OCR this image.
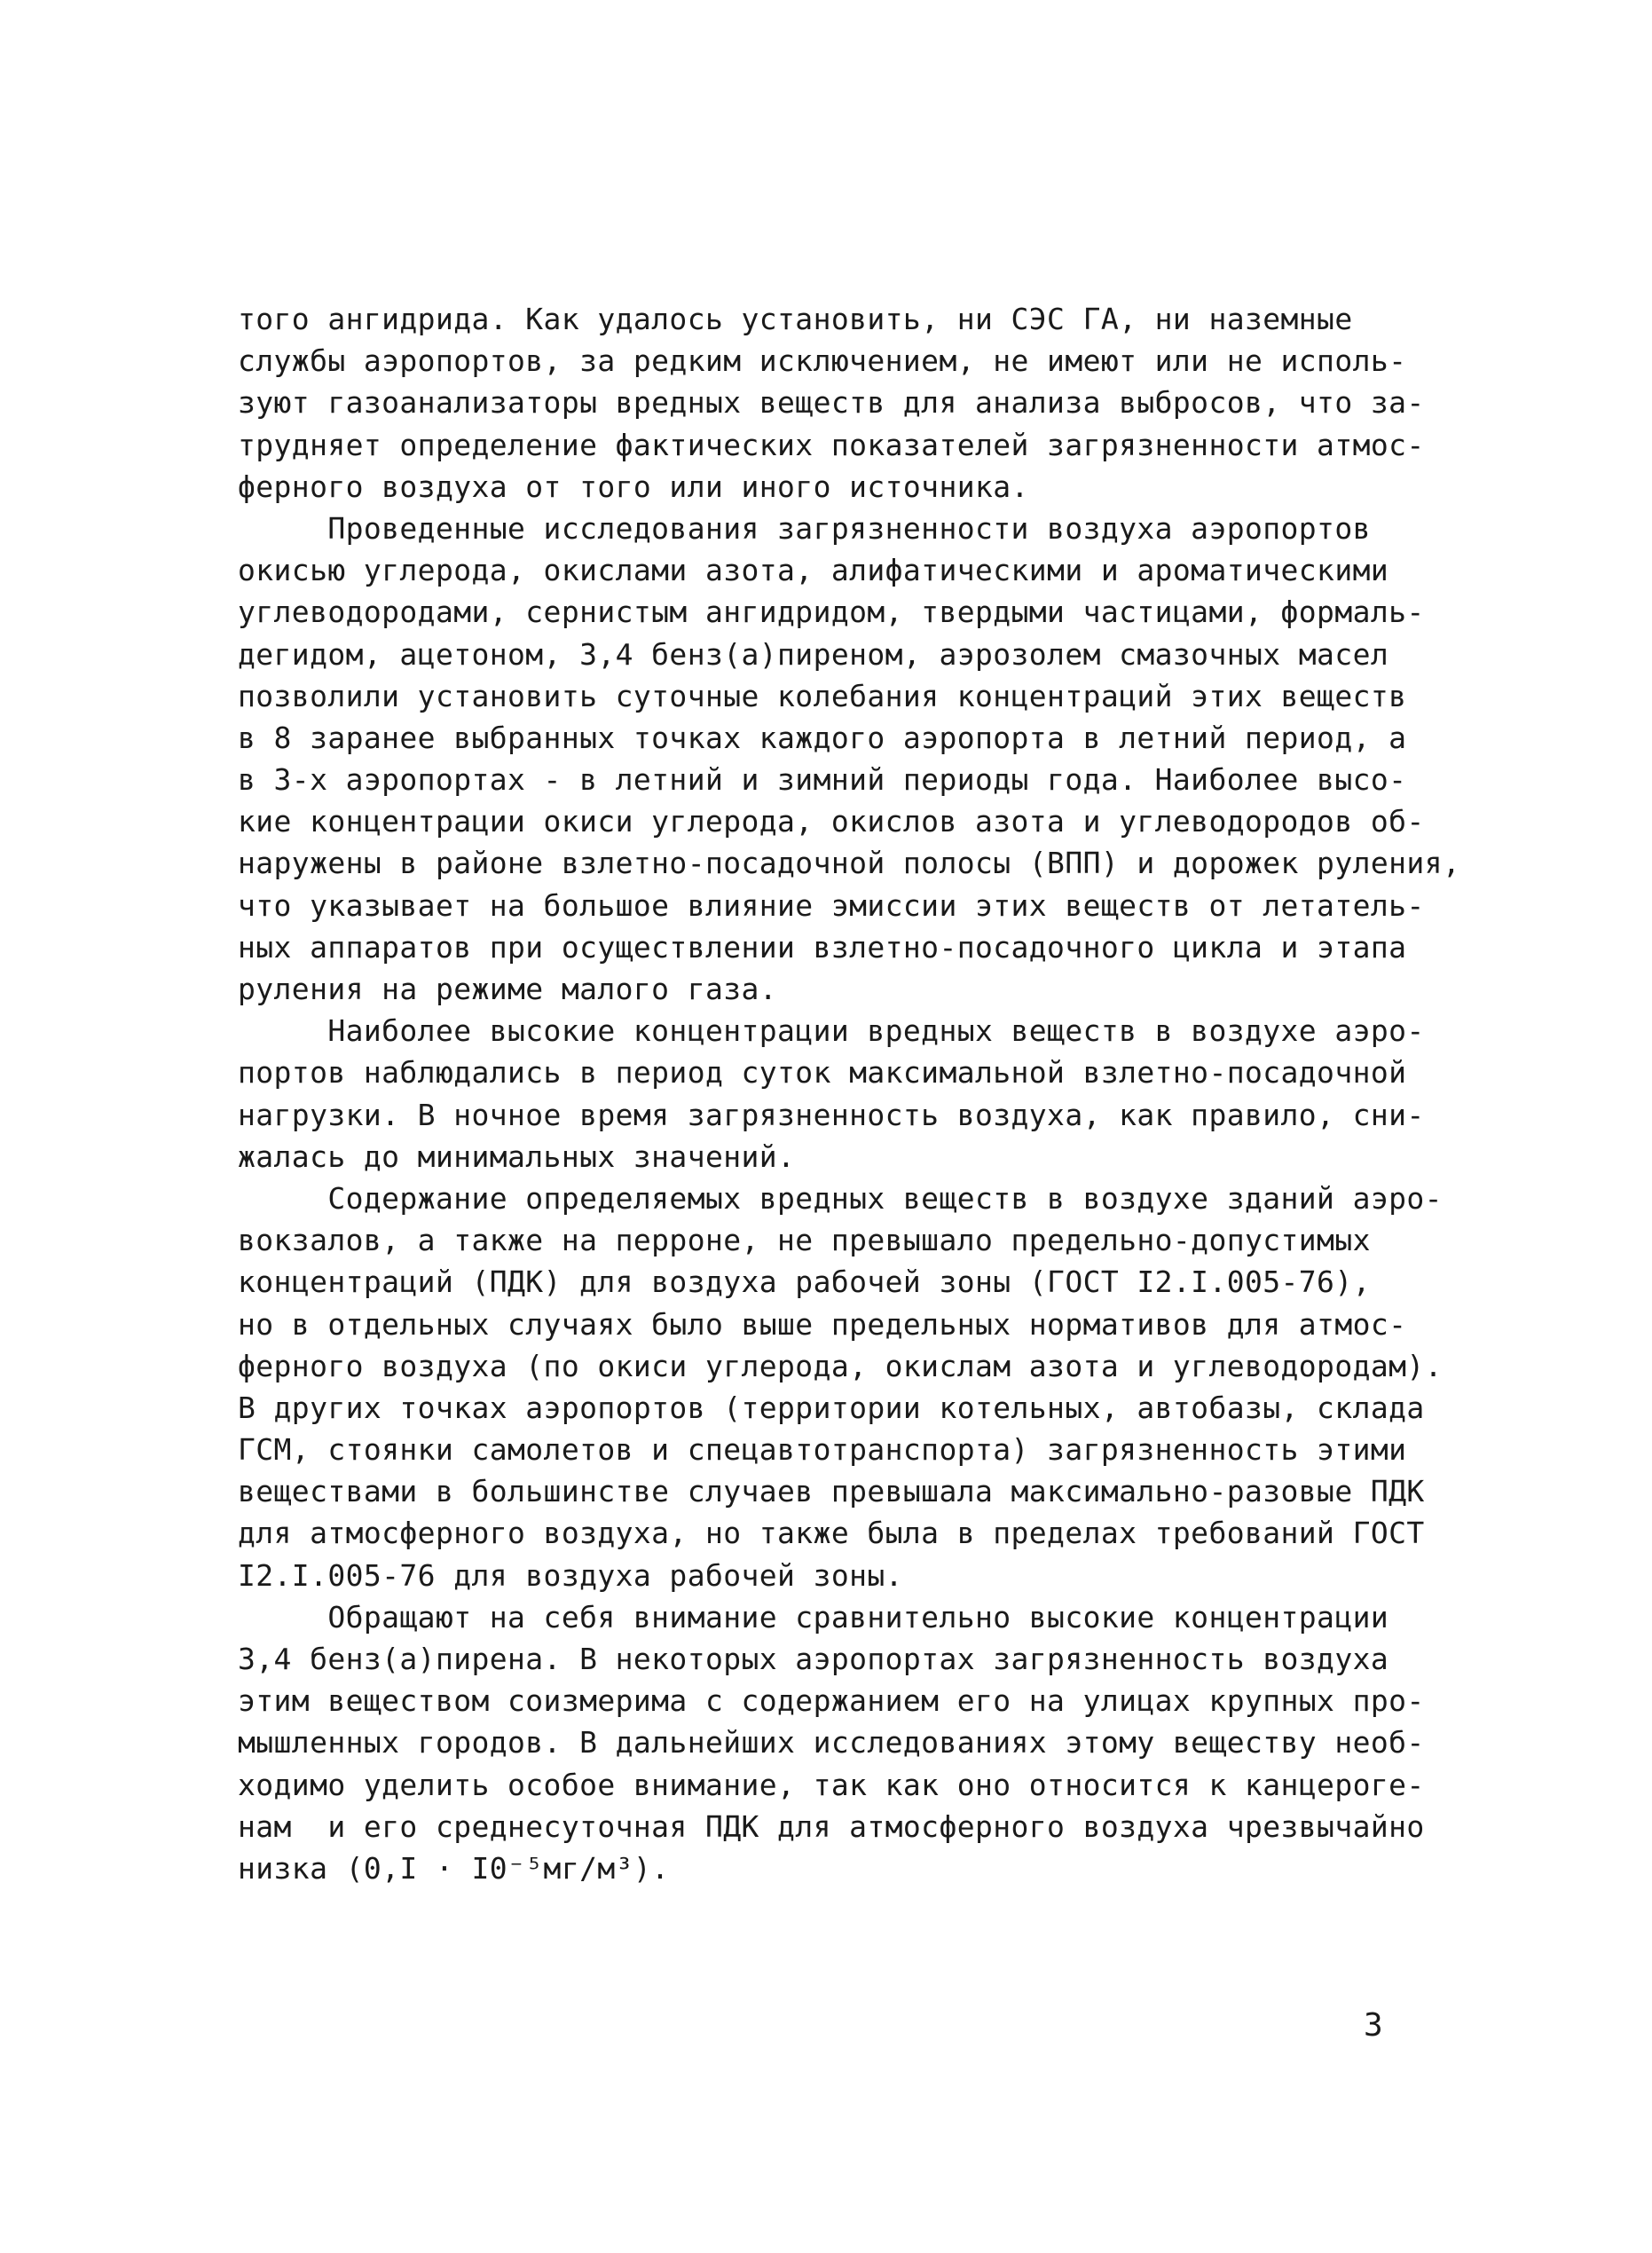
того ангидрида. Как удалось установить, ни СЭС ГА, ни наземные
службы аэропортов, за редким исключением, не имеют или не исполь-
зуют газоанализаторы вредных веществ для анализа выбросов, что за-
трудняет определение фактических показателей загрязненности атмос-
ферного воздуха от того или иного источника.
Проведенные исследования загрязненности воздуха аэропортов
окисью углерода, окислами азота, алифатическими и ароматическими
углеводородами, сернистым ангидридом, твердыми частицами, формаль-
дегидом, ацетоном, 3,4 бенз(а)пиреном, аэрозолем смазочных масел
позволили установить суточные колебания концентраций этих веществ
в 8 заранее выбранных точках каждого аэропорта в летний период, а
в 3-х аэропортах - в летний и зимний периоды года. Наиболее высо-
кие концентрации окиси углерода, окислов азота и углеводородов об-
наружены в районе взлетно-посадочной полосы (ВПП) и дорожек руления,
что указывает на большое влияние эмиссии этих веществ от летатель-
ных аппаратов при осуществлении взлетно-посадочного цикла и этапа
руления на режиме малого газа.
Наиболее высокие концентрации вредных веществ в воздухе аэро-
портов наблюдались в период суток максимальной взлетно-посадочной
нагрузки. В ночное время загрязненность воздуха, как правило, сни-
жалась до минимальных значений.
Содержание определяемых вредных веществ в воздухе зданий аэро-
вокзалов, а также на перроне, не превышало предельно-допустимых
концентраций (ПДК) для воздуха рабочей зоны (ГОСТ I2.I.005-76),
но в отдельных случаях было выше предельных нормативов для атмос-
ферного воздуха (по окиси углерода, окислам азота и углеводородам).
В других точках аэропортов (территории котельных, автобазы, склада
ГСМ, стоянки самолетов и спецавтотранспорта) загрязненность этими
веществами в большинстве случаев превышала максимально-разовые ПДК
для атмосферного воздуха, но также была в пределах требований ГОСТ
I2.I.005-76 для воздуха рабочей зоны.
Обращают на себя внимание сравнительно высокие концентрации
3,4 бенз(а)пирена. В некоторых аэропортах загрязненность воздуха
этим веществом соизмерима с содержанием его на улицах крупных про-
мышленных городов. В дальнейших исследованиях этому веществу необ-
ходимо уделить особое внимание, так как оно относится к канцероге-
нам  и его среднесуточная ПДК для атмосферного воздуха чрезвычайно
низка (0,I · I0⁻⁵мг/м³).
3
